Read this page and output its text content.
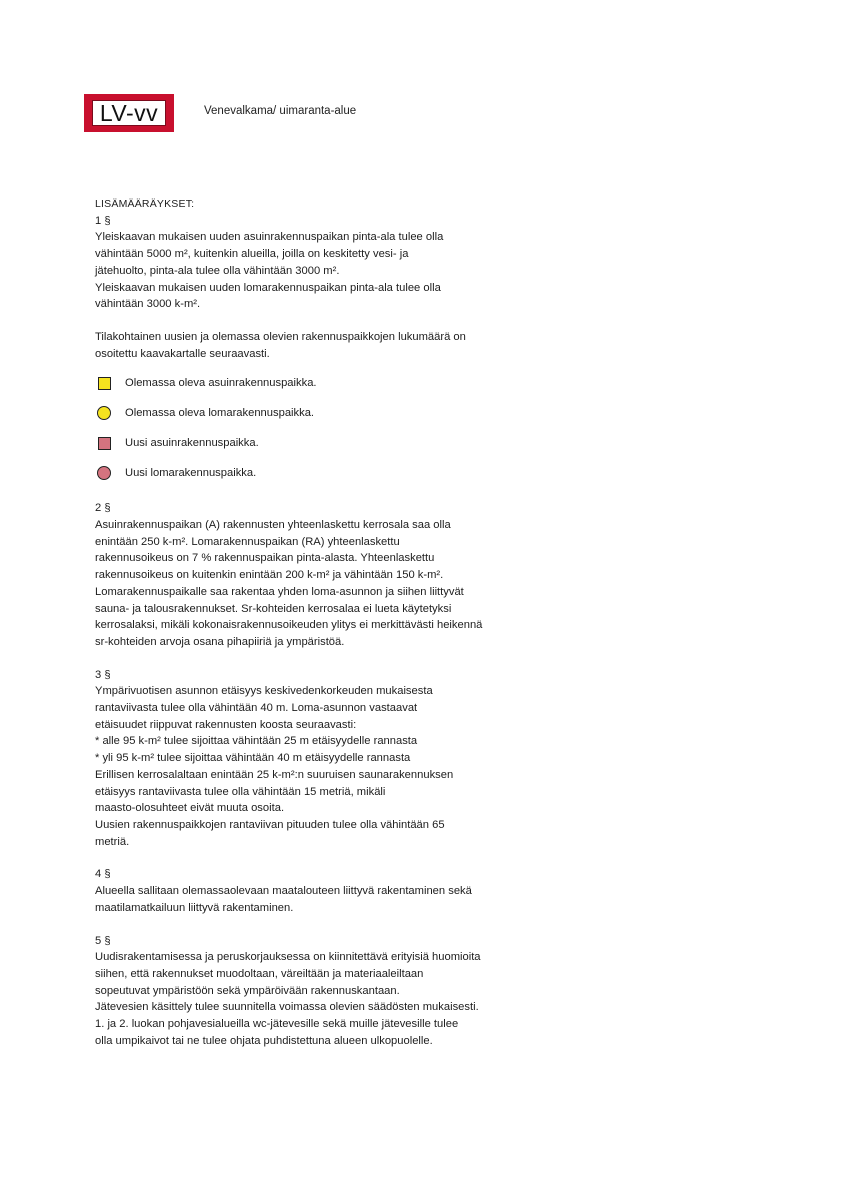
LV-vv	Venevalkama/ uimaranta-alue

LISÄMÄÄRÄYKSET:

1 §
Yleiskaavan mukaisen uuden asuinrakennuspaikan pinta-ala tulee olla
vähintään 5000 m², kuitenkin alueilla, joilla on keskitetty vesi- ja
jätehuolto, pinta-ala tulee olla vähintään 3000 m².
Yleiskaavan mukaisen uuden lomarakennuspaikan pinta-ala tulee olla
vähintään 3000 k-m².
Tilakohtainen uusien ja olemassa olevien rakennuspaikkojen lukumäärä on
osoitettu kaavakartalle seuraavasti.
Olemassa oleva asuinrakennuspaikka.
Olemassa oleva lomarakennuspaikka.
Uusi asuinrakennuspaikka.
Uusi lomarakennuspaikka.
2 §
Asuinrakennuspaikan (A) rakennusten yhteenlaskettu kerrosala saa olla
enintään 250 k-m². Lomarakennuspaikan (RA) yhteenlaskettu
rakennusoikeus on 7 % rakennuspaikan pinta-alasta. Yhteenlaskettu
rakennusoikeus on kuitenkin enintään 200 k-m² ja vähintään 150 k-m².
Lomarakennuspaikalle saa rakentaa yhden loma-asunnon ja siihen liittyvät
sauna- ja talousrakennukset. Sr-kohteiden kerrosalaa ei lueta käytetyksi
kerrosalaksi, mikäli kokonaisrakennusoikeuden ylitys ei merkittävästi heikennä
sr-kohteiden arvoja osana pihapiiriä ja ympäristöä.
3 §
Ympärivuotisen asunnon etäisyys keskivedenkorkeuden mukaisesta
rantaviivasta tulee olla vähintään 40 m. Loma-asunnon vastaavat
etäisuudet riippuvat rakennusten koosta seuraavasti:
* alle 95 k-m² tulee sijoittaa vähintään 25 m etäisyydelle rannasta
* yli 95 k-m² tulee sijoittaa vähintään 40 m etäisyydelle rannasta
Erillisen kerrosalaltaan enintään 25 k-m²:n suuruisen saunarakennuksen
etäisyys rantaviivasta tulee olla vähintään 15 metriä, mikäli
maasto-olosuhteet eivät muuta osoita.
Uusien rakennuspaikkojen rantaviivan pituuden tulee olla vähintään 65
metriä.
4 §
Alueella sallitaan olemassaolevaan maatalouteen liittyvä rakentaminen sekä
maatilamatkailuun liittyvä rakentaminen.
5 §
Uudisrakentamisessa ja peruskorjauksessa on kiinnitettävä erityisiä huomioita
siihen, että rakennukset muodoltaan, väreiltään ja materiaaleiltaan
sopeutuvat ympäristöön sekä ympäröivään rakennuskantaan.
Jätevesien käsittely tulee suunnitella voimassa olevien säädösten mukaisesti.
1. ja 2. luokan pohjavesialueilla wc-jätevesille sekä muille jätevesille tulee
olla umpikaivot tai ne tulee ohjata puhdistettuna alueen ulkopuolelle.
